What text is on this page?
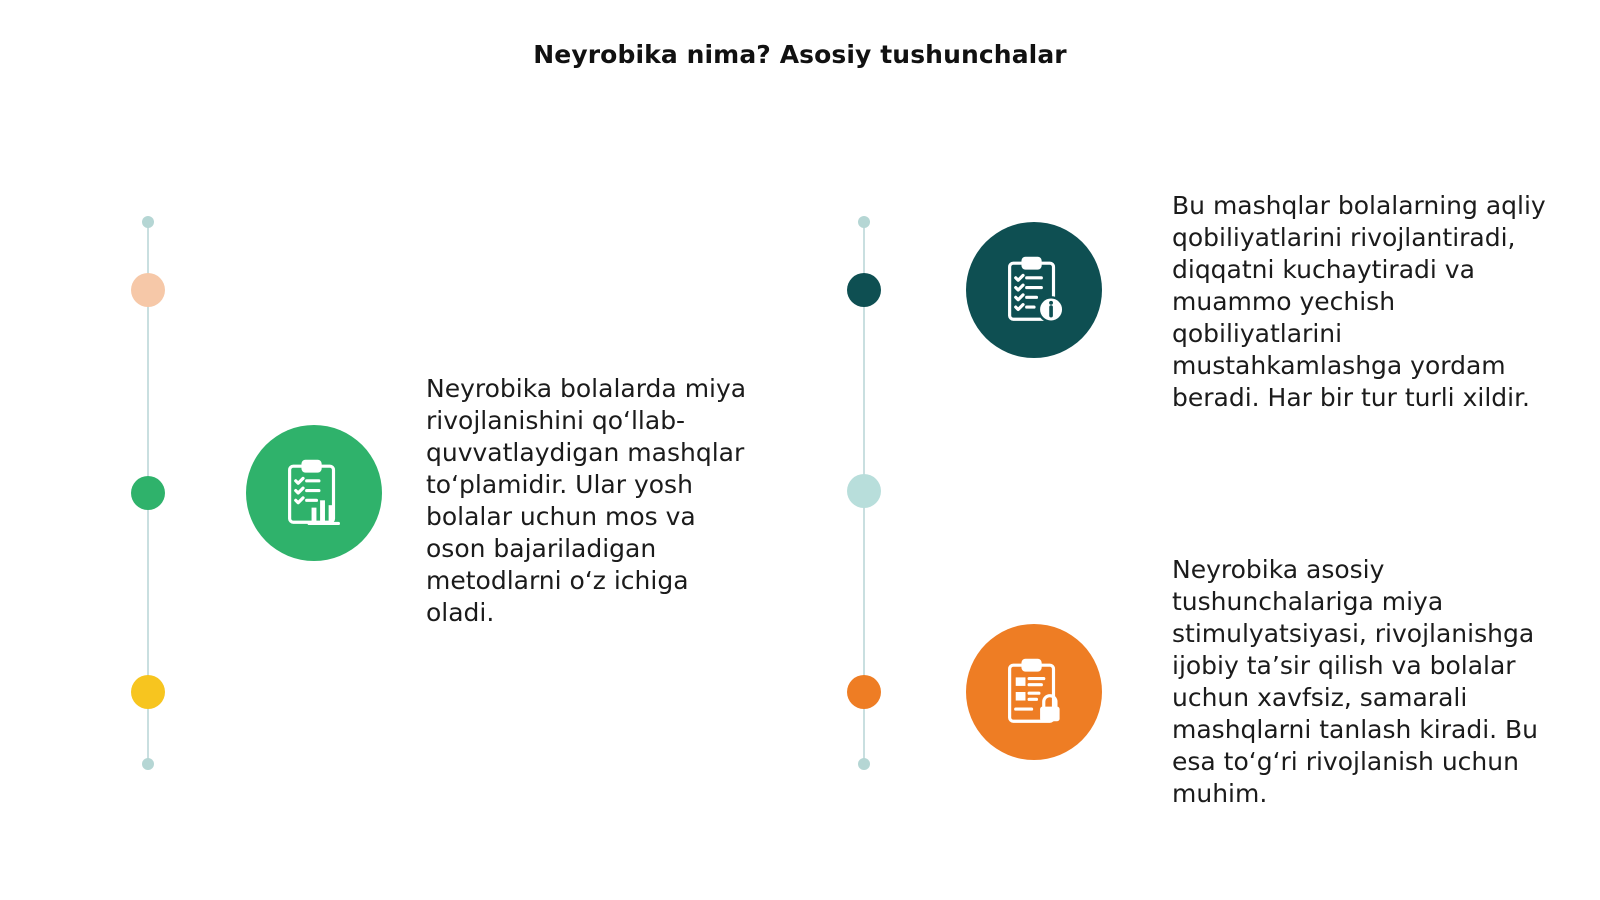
Neyrobika nima? Asosiy tushunchalar
Neyrobika bolalarda miya rivojlanishini qo‘llab-quvvatlaydigan mashqlar to‘plamidir. Ular yosh bolalar uchun mos va oson bajariladigan metodlarni o‘z ichiga oladi.
Bu mashqlar bolalarning aqliy qobiliyatlarini rivojlantiradi, diqqatni kuchaytiradi va muammo yechish qobiliyatlarini mustahkamlashga yordam beradi. Har bir tur turli xildir.
Neyrobika asosiy tushunchalariga miya stimulyatsiyasi, rivojlanishga ijobiy ta’sir qilish va bolalar uchun xavfsiz, samarali mashqlarni tanlash kiradi. Bu esa to‘g‘ri rivojlanish uchun muhim.
